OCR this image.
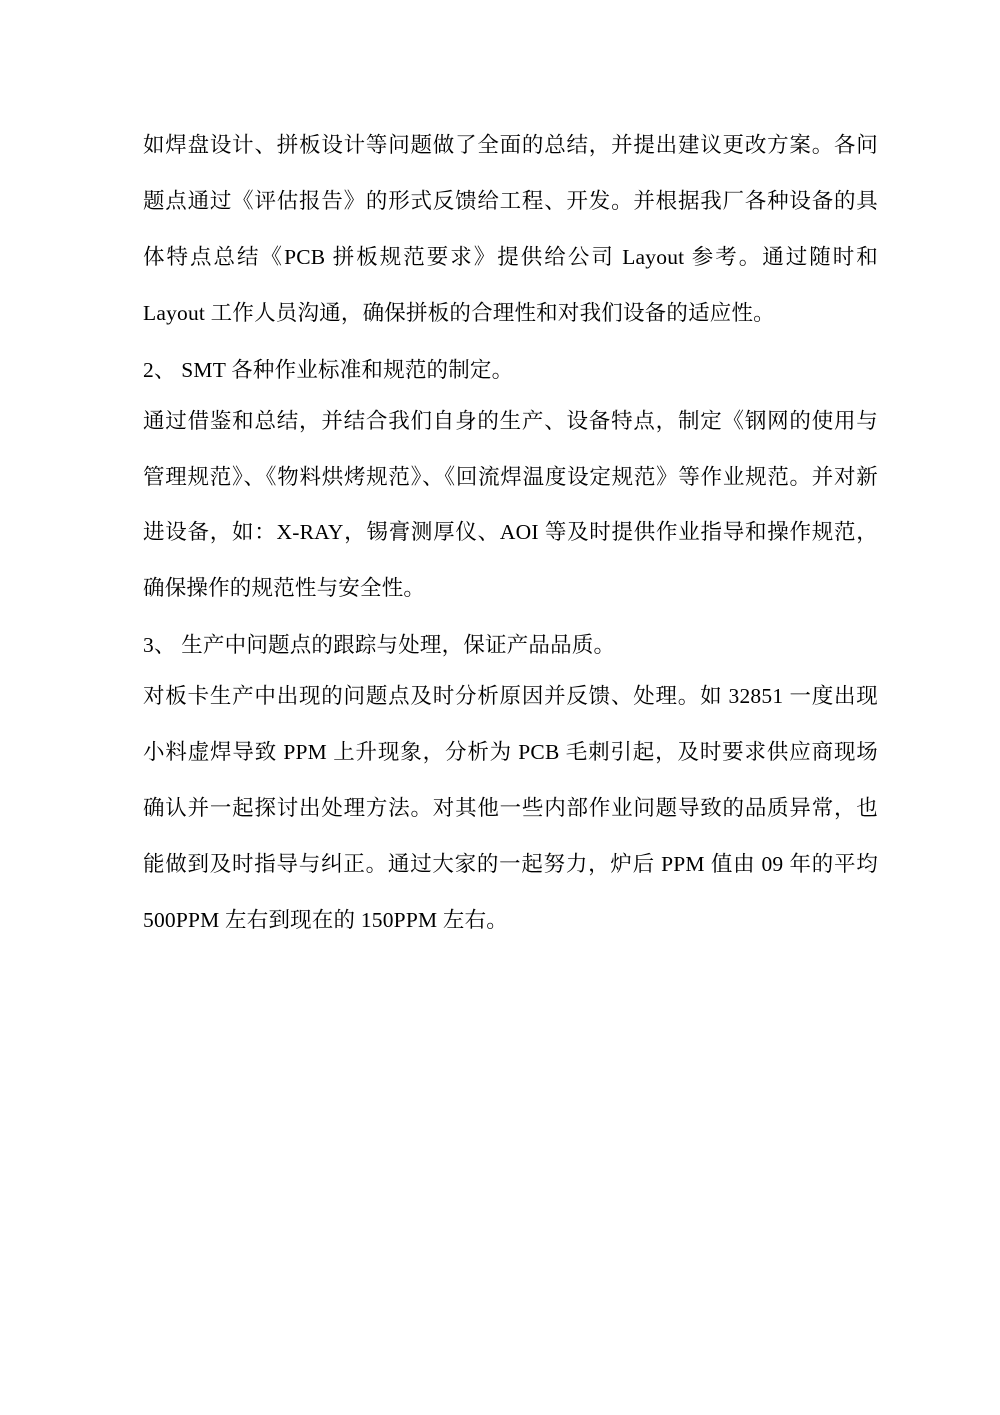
如焊盘设计、拼板设计等问题做了全面的总结，并提出建议更改方案。各问题点通过《评估报告》的形式反馈给工程、开发。并根据我厂各种设备的具体特点总结《PCB 拼板规范要求》提供给公司 Layout 参考。通过随时和 Layout 工作人员沟通，确保拼板的合理性和对我们设备的适应性。

2、 SMT 各种作业标准和规范的制定。

通过借鉴和总结，并结合我们自身的生产、设备特点，制定《钢网的使用与管理规范》、《物料烘烤规范》、《回流焊温度设定规范》等作业规范。并对新进设备，如：X-RAY，锡膏测厚仪、AOI 等及时提供作业指导和操作规范，确保操作的规范性与安全性。

3、 生产中问题点的跟踪与处理，保证产品品质。

对板卡生产中出现的问题点及时分析原因并反馈、处理。如 32851 一度出现小料虚焊导致 PPM 上升现象，分析为 PCB 毛刺引起，及时要求供应商现场确认并一起探讨出处理方法。对其他一些内部作业问题导致的品质异常，也能做到及时指导与纠正。通过大家的一起努力，炉后 PPM 值由 09 年的平均 500PPM 左右到现在的 150PPM 左右。
